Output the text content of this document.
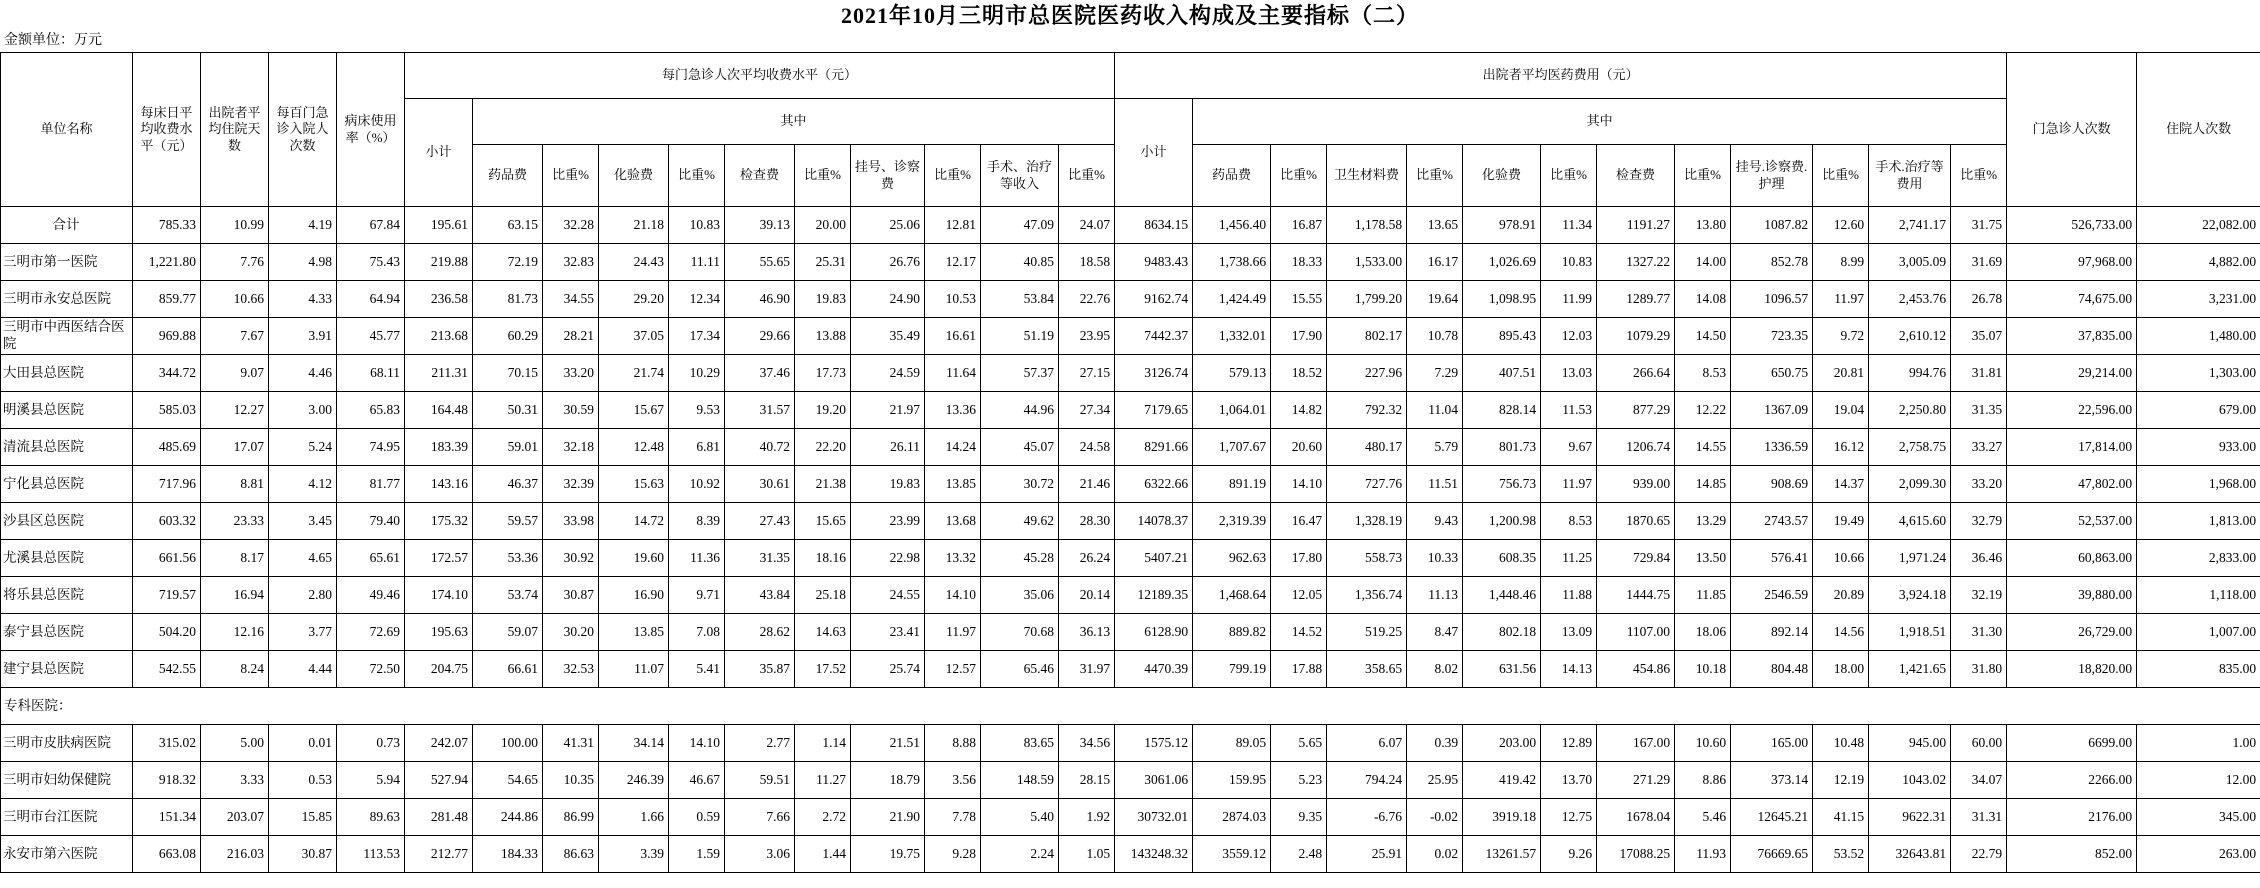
2021年10月三明市总医院医药收入构成及主要指标（二）
金额单位：万元
单位名称	每床日平均收费水平（元）	出院者平均住院天数	每百门急诊入院人次数	病床使用率（%）	每门急诊人次平均收费水平（元）											出院者平均医药费用（元）													门急诊人次数	住院人次数
					小计	其中										小计	其中													
						药品费	比重%	化验费	比重%	检查费	比重%	挂号、诊察费	比重%	手术、治疗等收入	比重%		药品费	比重%	卫生材料费	比重%	化验费	比重%	检查费	比重%	挂号.诊察费.护理	比重%	手术.治疗等费用	比重%		
合计	785.33	10.99	4.19	67.84	195.61	63.15	32.28	21.18	10.83	39.13	20.00	25.06	12.81	47.09	24.07	8634.15	1,456.40	16.87	1,178.58	13.65	978.91	11.34	1191.27	13.80	1087.82	12.60	2,741.17	31.75	526,733.00	22,082.00
三明市第一医院	1,221.80	7.76	4.98	75.43	219.88	72.19	32.83	24.43	11.11	55.65	25.31	26.76	12.17	40.85	18.58	9483.43	1,738.66	18.33	1,533.00	16.17	1,026.69	10.83	1327.22	14.00	852.78	8.99	3,005.09	31.69	97,968.00	4,882.00
三明市永安总医院	859.77	10.66	4.33	64.94	236.58	81.73	34.55	29.20	12.34	46.90	19.83	24.90	10.53	53.84	22.76	9162.74	1,424.49	15.55	1,799.20	19.64	1,098.95	11.99	1289.77	14.08	1096.57	11.97	2,453.76	26.78	74,675.00	3,231.00
三明市中西医结合医院	969.88	7.67	3.91	45.77	213.68	60.29	28.21	37.05	17.34	29.66	13.88	35.49	16.61	51.19	23.95	7442.37	1,332.01	17.90	802.17	10.78	895.43	12.03	1079.29	14.50	723.35	9.72	2,610.12	35.07	37,835.00	1,480.00
大田县总医院	344.72	9.07	4.46	68.11	211.31	70.15	33.20	21.74	10.29	37.46	17.73	24.59	11.64	57.37	27.15	3126.74	579.13	18.52	227.96	7.29	407.51	13.03	266.64	8.53	650.75	20.81	994.76	31.81	29,214.00	1,303.00
明溪县总医院	585.03	12.27	3.00	65.83	164.48	50.31	30.59	15.67	9.53	31.57	19.20	21.97	13.36	44.96	27.34	7179.65	1,064.01	14.82	792.32	11.04	828.14	11.53	877.29	12.22	1367.09	19.04	2,250.80	31.35	22,596.00	679.00
清流县总医院	485.69	17.07	5.24	74.95	183.39	59.01	32.18	12.48	6.81	40.72	22.20	26.11	14.24	45.07	24.58	8291.66	1,707.67	20.60	480.17	5.79	801.73	9.67	1206.74	14.55	1336.59	16.12	2,758.75	33.27	17,814.00	933.00
宁化县总医院	717.96	8.81	4.12	81.77	143.16	46.37	32.39	15.63	10.92	30.61	21.38	19.83	13.85	30.72	21.46	6322.66	891.19	14.10	727.76	11.51	756.73	11.97	939.00	14.85	908.69	14.37	2,099.30	33.20	47,802.00	1,968.00
沙县区总医院	603.32	23.33	3.45	79.40	175.32	59.57	33.98	14.72	8.39	27.43	15.65	23.99	13.68	49.62	28.30	14078.37	2,319.39	16.47	1,328.19	9.43	1,200.98	8.53	1870.65	13.29	2743.57	19.49	4,615.60	32.79	52,537.00	1,813.00
尤溪县总医院	661.56	8.17	4.65	65.61	172.57	53.36	30.92	19.60	11.36	31.35	18.16	22.98	13.32	45.28	26.24	5407.21	962.63	17.80	558.73	10.33	608.35	11.25	729.84	13.50	576.41	10.66	1,971.24	36.46	60,863.00	2,833.00
将乐县总医院	719.57	16.94	2.80	49.46	174.10	53.74	30.87	16.90	9.71	43.84	25.18	24.55	14.10	35.06	20.14	12189.35	1,468.64	12.05	1,356.74	11.13	1,448.46	11.88	1444.75	11.85	2546.59	20.89	3,924.18	32.19	39,880.00	1,118.00
泰宁县总医院	504.20	12.16	3.77	72.69	195.63	59.07	30.20	13.85	7.08	28.62	14.63	23.41	11.97	70.68	36.13	6128.90	889.82	14.52	519.25	8.47	802.18	13.09	1107.00	18.06	892.14	14.56	1,918.51	31.30	26,729.00	1,007.00
建宁县总医院	542.55	8.24	4.44	72.50	204.75	66.61	32.53	11.07	5.41	35.87	17.52	25.74	12.57	65.46	31.97	4470.39	799.19	17.88	358.65	8.02	631.56	14.13	454.86	10.18	804.48	18.00	1,421.65	31.80	18,820.00	835.00
专科医院：																														
三明市皮肤病医院	315.02	5.00	0.01	0.73	242.07	100.00	41.31	34.14	14.10	2.77	1.14	21.51	8.88	83.65	34.56	1575.12	89.05	5.65	6.07	0.39	203.00	12.89	167.00	10.60	165.00	10.48	945.00	60.00	6699.00	1.00
三明市妇幼保健院	918.32	3.33	0.53	5.94	527.94	54.65	10.35	246.39	46.67	59.51	11.27	18.79	3.56	148.59	28.15	3061.06	159.95	5.23	794.24	25.95	419.42	13.70	271.29	8.86	373.14	12.19	1043.02	34.07	2266.00	12.00
三明市台江医院	151.34	203.07	15.85	89.63	281.48	244.86	86.99	1.66	0.59	7.66	2.72	21.90	7.78	5.40	1.92	30732.01	2874.03	9.35	-6.76	-0.02	3919.18	12.75	1678.04	5.46	12645.21	41.15	9622.31	31.31	2176.00	345.00
永安市第六医院	663.08	216.03	30.87	113.53	212.77	184.33	86.63	3.39	1.59	3.06	1.44	19.75	9.28	2.24	1.05	143248.32	3559.12	2.48	25.91	0.02	13261.57	9.26	17088.25	11.93	76669.65	53.52	32643.81	22.79	852.00	263.00
